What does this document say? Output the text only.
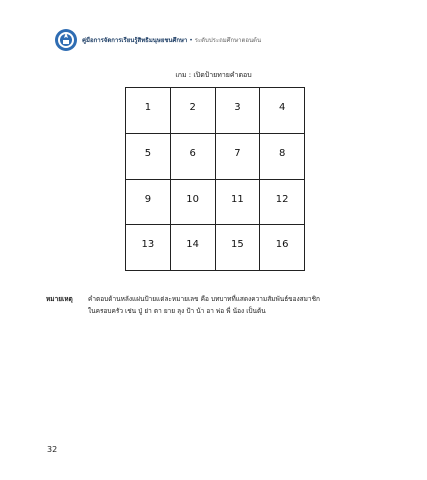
คู่มือการจัดการเรียนรู้สิทธิมนุษยชนศึกษา • ระดับประถมศึกษาตอนต้น
เกม : เปิดป้ายทายคำตอบ
1	2	3	4
5	6	7	8
9	10	11	12
13	14	15	16
หมายเหตุ คำตอบด้านหลังแผ่นป้ายแต่ละหมายเลข คือ บทบาทที่แสดงความสัมพันธ์ของสมาชิก
ในครอบครัว เช่น ปู่ ย่า ตา ยาย ลุง ป้า น้า อา พ่อ พี่ น้อง เป็นต้น
32
